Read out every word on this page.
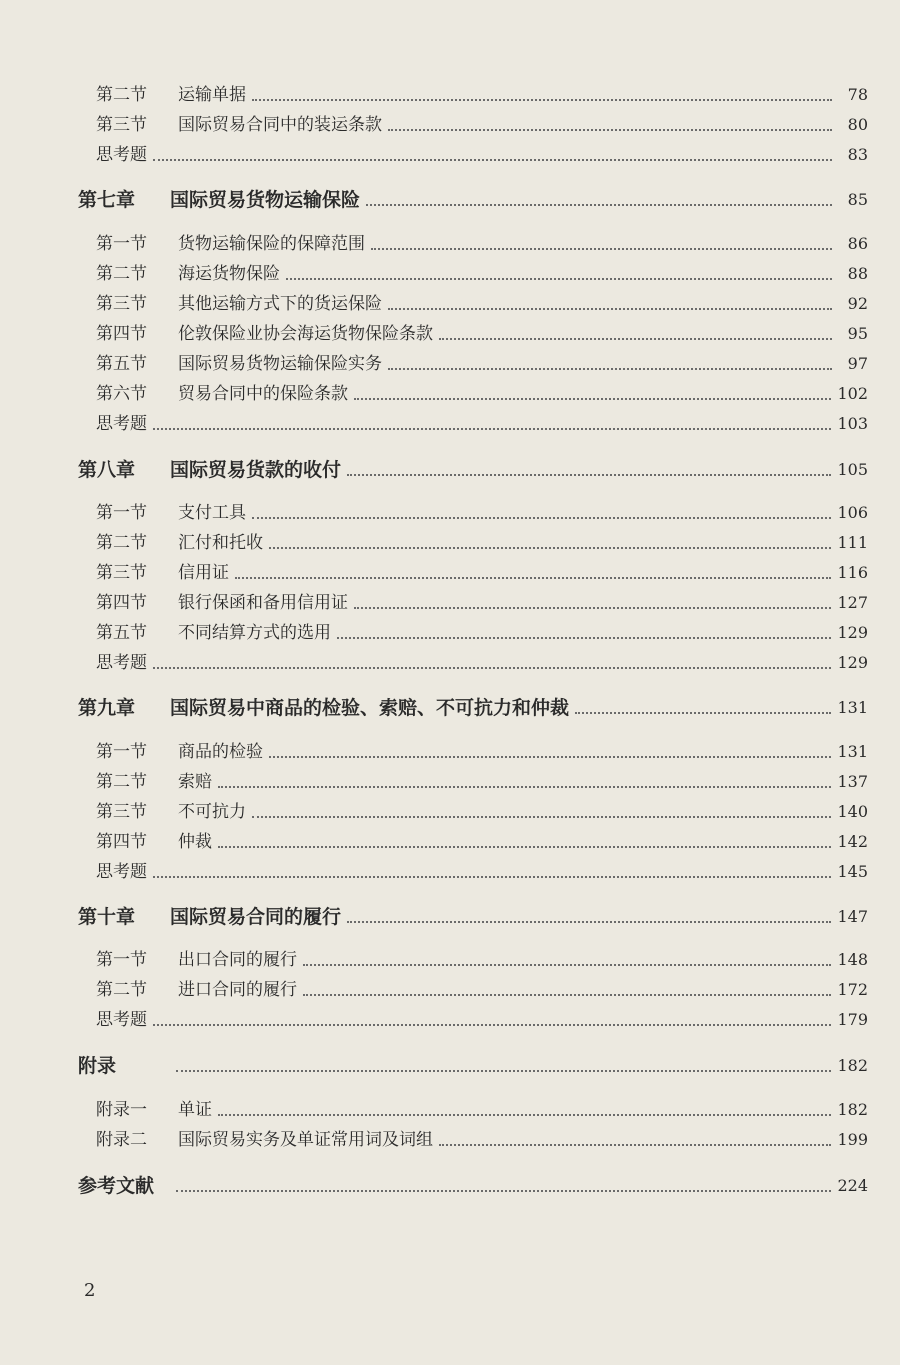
第二节	运输单据	78
第三节	国际贸易合同中的装运条款	80
思考题	83
第七章	国际贸易货物运输保险	85
第一节	货物运输保险的保障范围	86
第二节	海运货物保险	88
第三节	其他运输方式下的货运保险	92
第四节	伦敦保险业协会海运货物保险条款	95
第五节	国际贸易货物运输保险实务	97
第六节	贸易合同中的保险条款	102
思考题	103
第八章	国际贸易货款的收付	105
第一节	支付工具	106
第二节	汇付和托收	111
第三节	信用证	116
第四节	银行保函和备用信用证	127
第五节	不同结算方式的选用	129
思考题	129
第九章	国际贸易中商品的检验、索赔、不可抗力和仲裁	131
第一节	商品的检验	131
第二节	索赔	137
第三节	不可抗力	140
第四节	仲裁	142
思考题	145
第十章	国际贸易合同的履行	147
第一节	出口合同的履行	148
第二节	进口合同的履行	172
思考题	179
附录	182
附录一	单证	182
附录二	国际贸易实务及单证常用词及词组	199
参考文献	224
2
